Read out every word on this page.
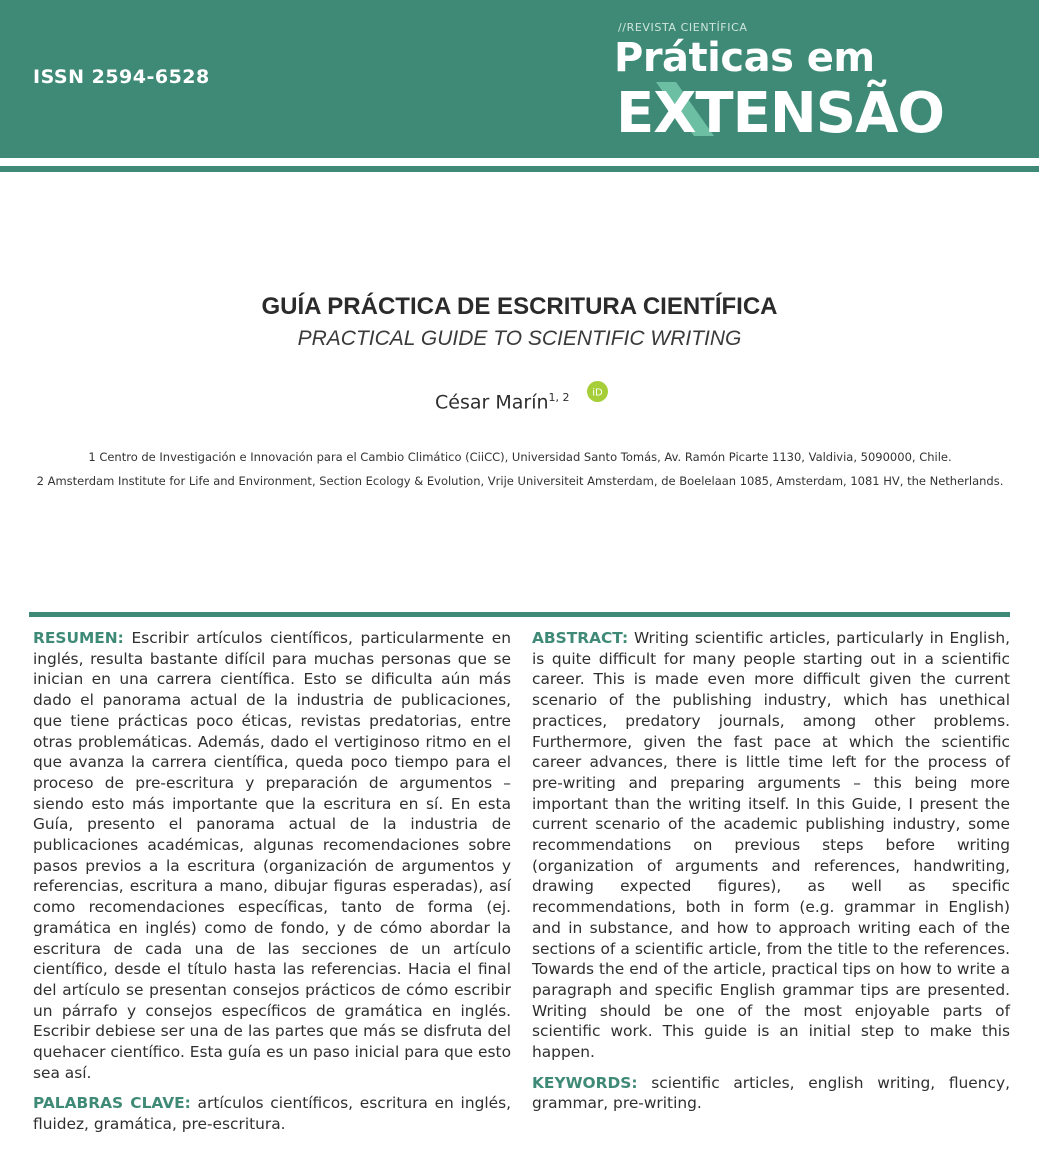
ISSN 2594-6528
//REVISTA CIENTÍFICA
Práticas em
EXTENSÃO
GUÍA PRÁCTICA DE ESCRITURA CIENTÍFICA
PRACTICAL GUIDE TO SCIENTIFIC WRITING
César Marín$^{1, 2}$ iD
1 Centro de Investigación e Innovación para el Cambio Climático (CiiCC), Universidad Santo Tomás, Av. Ramón Picarte 1130, Valdivia, 5090000, Chile.
2 Amsterdam Institute for Life and Environment, Section Ecology & Evolution, Vrije Universiteit Amsterdam, de Boelelaan 1085, Amsterdam, 1081 HV, the Netherlands.

RESUMEN: Escribir artículos científicos, particularmente en inglés, resulta bastante difícil para muchas personas que se inician en una carrera científica. Esto se dificulta aún más dado el panorama actual de la industria de publicaciones, que tiene prácticas poco éticas, revistas predatorias, entre otras problemáticas. Además, dado el vertiginoso ritmo en el que avanza la carrera científica, queda poco tiempo para el proceso de pre-escritura y preparación de argumentos – siendo esto más importante que la escritura en sí. En esta Guía, presento el panorama actual de la industria de publicaciones académicas, algunas recomendaciones sobre pasos previos a la escritura (organización de argumentos y referencias, escritura a mano, dibujar figuras esperadas), así como recomendaciones específicas, tanto de forma (ej. gramática en inglés) como de fondo, y de cómo abordar la escritura de cada una de las secciones de un artículo científico, desde el título hasta las referencias. Hacia el final del artículo se presentan consejos prácticos de cómo escribir un párrafo y consejos específicos de gramática en inglés. Escribir debiese ser una de las partes que más se disfruta del quehacer científico. Esta guía es un paso inicial para que esto sea así.

PALABRAS CLAVE: artículos científicos, escritura en inglés, fluidez, gramática, pre-escritura.

ABSTRACT: Writing scientific articles, particularly in English, is quite difficult for many people starting out in a scientific career. This is made even more difficult given the current scenario of the publishing industry, which has unethical practices, predatory journals, among other problems. Furthermore, given the fast pace at which the scientific career advances, there is little time left for the process of pre-writing and preparing arguments – this being more important than the writing itself. In this Guide, I present the current scenario of the academic publishing industry, some recommendations on previous steps before writing (organization of arguments and references, handwriting, drawing expected figures), as well as specific recommendations, both in form (e.g. grammar in English) and in substance, and how to approach writing each of the sections of a scientific article, from the title to the references. Towards the end of the article, practical tips on how to write a paragraph and specific English grammar tips are presented. Writing should be one of the most enjoyable parts of scientific work. This guide is an initial step to make this happen.

KEYWORDS: scientific articles, english writing, fluency, grammar, pre-writing.
